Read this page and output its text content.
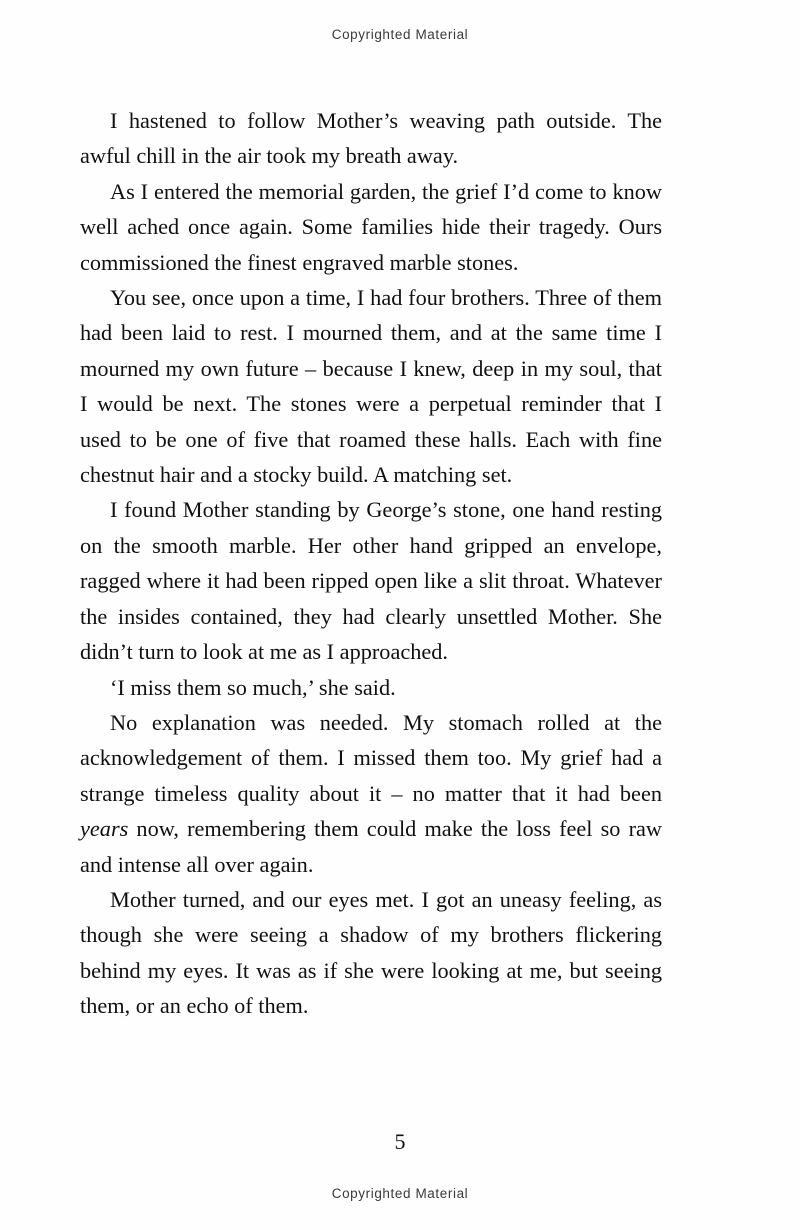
Copyrighted Material

I hastened to follow Mother’s weaving path outside. The awful chill in the air took my breath away.

As I entered the memorial garden, the grief I’d come to know well ached once again. Some families hide their tragedy. Ours commissioned the finest engraved marble stones.

You see, once upon a time, I had four brothers. Three of them had been laid to rest. I mourned them, and at the same time I mourned my own future – because I knew, deep in my soul, that I would be next. The stones were a perpetual reminder that I used to be one of five that roamed these halls. Each with fine chestnut hair and a stocky build. A matching set.

I found Mother standing by George’s stone, one hand resting on the smooth marble. Her other hand gripped an envelope, ragged where it had been ripped open like a slit throat. Whatever the insides contained, they had clearly unsettled Mother. She didn’t turn to look at me as I approached.

‘I miss them so much,’ she said.

No explanation was needed. My stomach rolled at the acknowledgement of them. I missed them too. My grief had a strange timeless quality about it – no matter that it had been years now, remembering them could make the loss feel so raw and intense all over again.

Mother turned, and our eyes met. I got an uneasy feeling, as though she were seeing a shadow of my brothers flickering behind my eyes. It was as if she were looking at me, but seeing them, or an echo of them.

5
Copyrighted Material
